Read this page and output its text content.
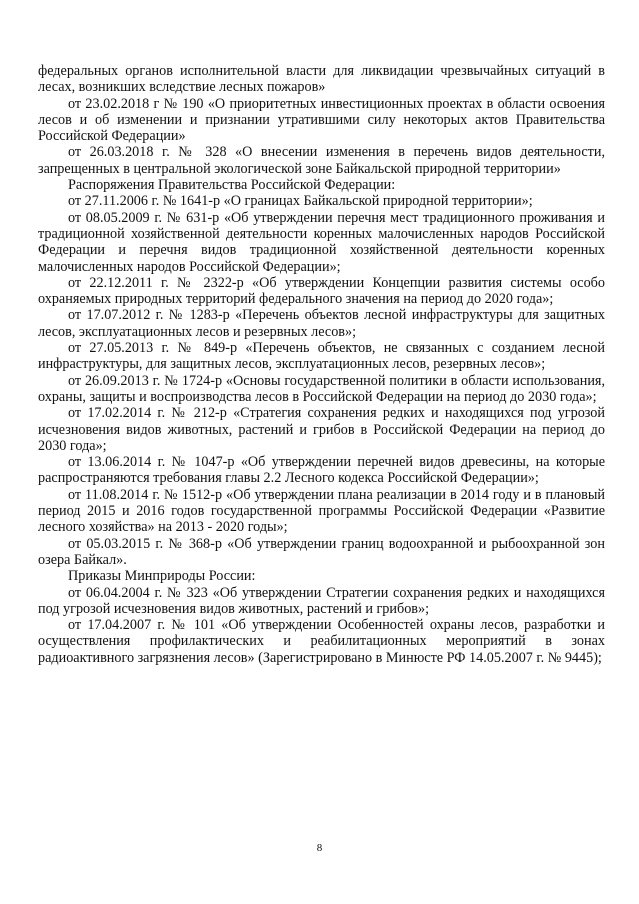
федеральных органов исполнительной власти для ликвидации чрезвычайных ситуаций в лесах, возникших вследствие лесных пожаров»

от 23.02.2018 г № 190 «О приоритетных инвестиционных проектах в области освоения лесов и об изменении и признании утратившими силу некоторых актов Правительства Российской Федерации»

от 26.03.2018 г. № 328 «О внесении изменения в перечень видов деятельности, запрещенных в центральной экологической зоне Байкальской природной территории»

Распоряжения Правительства Российской Федерации:

от 27.11.2006 г. № 1641-р «О границах Байкальской природной территории»;

от 08.05.2009 г. № 631-р «Об утверждении перечня мест традиционного проживания и традиционной хозяйственной деятельности коренных малочисленных народов Российской Федерации и перечня видов традиционной хозяйственной деятельности коренных малочисленных народов Российской Федерации»;

от 22.12.2011 г. № 2322-р «Об утверждении Концепции развития системы особо охраняемых природных территорий федерального значения на период до 2020 года»;

от 17.07.2012 г. № 1283-р «Перечень объектов лесной инфраструктуры для защитных лесов, эксплуатационных лесов и резервных лесов»;

от 27.05.2013 г. № 849-р «Перечень объектов, не связанных с созданием лесной инфраструктуры, для защитных лесов, эксплуатационных лесов, резервных лесов»;

от 26.09.2013 г. № 1724-р «Основы государственной политики в области использования, охраны, защиты и воспроизводства лесов в Российской Федерации на период до 2030 года»;

от 17.02.2014 г. № 212-р «Стратегия сохранения редких и находящихся под угрозой исчезновения видов животных, растений и грибов в Российской Федерации на период до 2030 года»;

от 13.06.2014 г. № 1047-р «Об утверждении перечней видов древесины, на которые распространяются требования главы 2.2 Лесного кодекса Российской Федерации»;

от 11.08.2014 г. № 1512-р «Об утверждении плана реализации в 2014 году и в плановый период 2015 и 2016 годов государственной программы Российской Федерации «Развитие лесного хозяйства» на 2013 - 2020 годы»;

от 05.03.2015 г. № 368-р «Об утверждении границ водоохранной и рыбоохранной зон озера Байкал».

Приказы Минприроды России:

от 06.04.2004 г. № 323 «Об утверждении Стратегии сохранения редких и находящихся под угрозой исчезновения видов животных, растений и грибов»;

от 17.04.2007 г. № 101 «Об утверждении Особенностей охраны лесов, разработки и осуществления профилактических и реабилитационных мероприятий в зонах радиоактивного загрязнения лесов» (Зарегистрировано в Минюсте РФ 14.05.2007 г. № 9445);

8
